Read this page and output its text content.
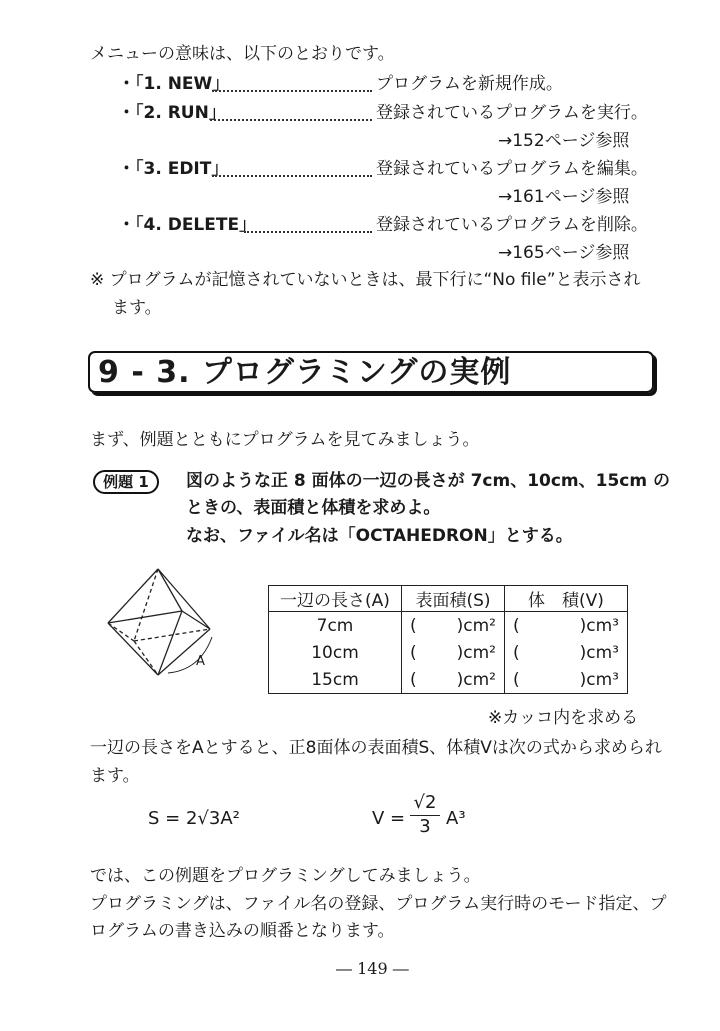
メニューの意味は、以下のとおりです。
・「1. NEW」	プログラムを新規作成。
・「2. RUN」	登録されているプログラムを実行。
→152ページ参照
・「3. EDIT」	登録されているプログラムを編集。
→161ページ参照
・「4. DELETE」	登録されているプログラムを削除。
→165ページ参照
※ プログラムが記憶されていないときは、最下行に“No file”と表示され
ます。
9 - 3. プログラミングの実例
まず、例題とともにプログラムを見てみましょう。
例題 1	図のような正 8 面体の一辺の長さが 7cm、10cm、15cm の
ときの、表面積と体積を求めよ。
なお、ファイル名は「OCTAHEDRON」とする。
A
一辺の長さ(A)	表面積(S)	体　積(V)
7cm	( )cm²	( )cm³

10cm	( )cm²	( )cm³

15cm	( )cm²	( )cm³
※カッコ内を求める
一辺の長さをAとすると、正8面体の表面積S、体積Vは次の式から求められ
ます。
S = 2√3A²	V =
√2
3 A³
では、この例題をプログラミングしてみましょう。
プログラミングは、ファイル名の登録、プログラム実行時のモード指定、プ
ログラムの書き込みの順番となります。
― 149 ―
